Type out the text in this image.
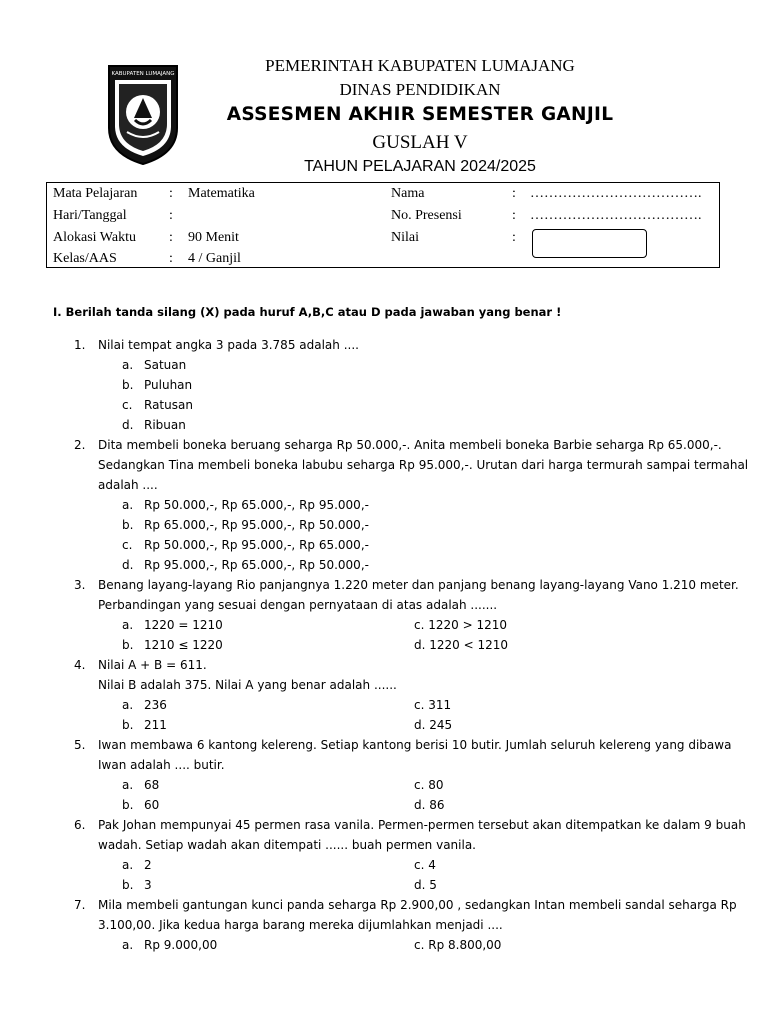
KABUPATEN LUMAJANG	PEMERINTAH KABUPATEN LUMAJANG
DINAS PENDIDIKAN
ASSESMEN AKHIR SEMESTER GANJIL
GUSLAH V
TAHUN PELAJARAN 2024/2025
Mata Pelajaran : Matematika
Hari/Tanggal	:
Alokasi Waktu : 90 Menit
Kelas/AAS	: 4 / Ganjil
Nama	: ……………………………….
No. Presensi	: ……………………………….
Nilai	:
I. Berilah tanda silang (X) pada huruf A,B,C atau D pada jawaban yang benar !
1. Nilai tempat angka 3 pada 3.785 adalah ....
a. Satuan
b. Puluhan
c. Ratusan
d. Ribuan
2. Dita membeli boneka beruang seharga Rp 50.000,-. Anita membeli boneka Barbie seharga Rp 65.000,-.
Sedangkan Tina membeli boneka labubu seharga Rp 95.000,-. Urutan dari harga termurah sampai termahal
adalah ....
a. Rp 50.000,-, Rp 65.000,-, Rp 95.000,-
b. Rp 65.000,-, Rp 95.000,-, Rp 50.000,-
c. Rp 50.000,-, Rp 95.000,-, Rp 65.000,-
d. Rp 95.000,-, Rp 65.000,-, Rp 50.000,-
3. Benang layang-layang Rio panjangnya 1.220 meter dan panjang benang layang-layang Vano 1.210 meter.
Perbandingan yang sesuai dengan pernyataan di atas adalah .......
a. 1220 = 1210	c. 1220 > 1210
b. 1210 ≤ 1220	d. 1220 < 1210
4. Nilai A + B = 611.
Nilai B adalah 375. Nilai A yang benar adalah ......
a. 236	c. 311
b. 211	d. 245
5. Iwan membawa 6 kantong kelereng. Setiap kantong berisi 10 butir. Jumlah seluruh kelereng yang dibawa
Iwan adalah .... butir.
a. 68	c. 80
b. 60	d. 86
6. Pak Johan mempunyai 45 permen rasa vanila. Permen-permen tersebut akan ditempatkan ke dalam 9 buah
wadah. Setiap wadah akan ditempati ...... buah permen vanila.
a. 2	c. 4
b. 3	d. 5
7. Mila membeli gantungan kunci panda seharga Rp 2.900,00 , sedangkan Intan membeli sandal seharga Rp
3.100,00. Jika kedua harga barang mereka dijumlahkan menjadi ....
a. Rp 9.000,00	c. Rp 8.800,00
